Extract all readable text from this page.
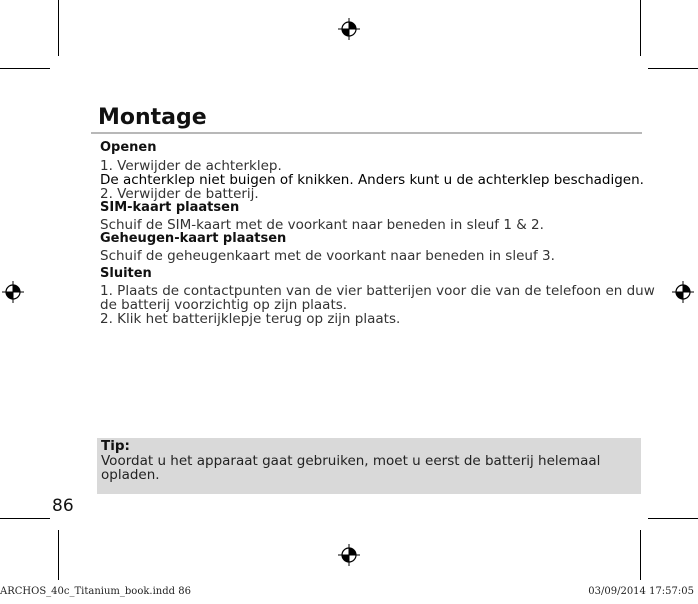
Montage
Openen
1. Verwijder de achterklep.
De achterklep niet buigen of knikken. Anders kunt u de achterklep beschadigen.
2. Verwijder de batterij.
SIM-kaart plaatsen
Schuif de SIM-kaart met de voorkant naar beneden in sleuf 1 & 2.
Geheugen-kaart plaatsen
Schuif de geheugenkaart met de voorkant naar beneden in sleuf 3.
Sluiten
1. Plaats de contactpunten van de vier batterijen voor die van de telefoon en duw de batterij voorzichtig op zijn plaats.
2. Klik het batterijklepje terug op zijn plaats.
Tip:
Voordat u het apparaat gaat gebruiken, moet u eerst de batterij helemaal opladen.
86
ARCHOS_40c_Titanium_book.indd 86	03/09/2014 17:57:05
